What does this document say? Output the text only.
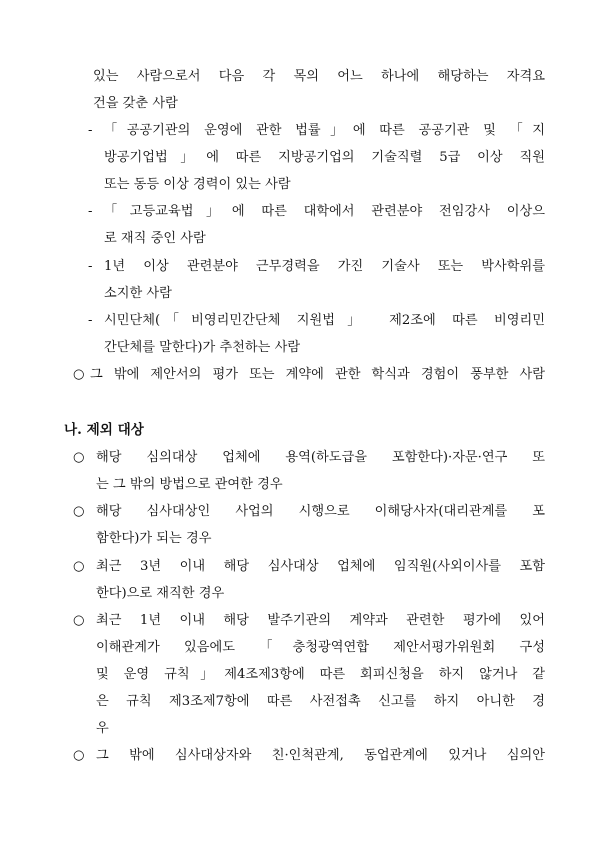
있는 사람으로서 다음 각 목의 어느 하나에 해당하는 자격요
건을 갖춘 사람
- 「공공기관의 운영에 관한 법률」에 따른 공공기관 및 「지
방공기업법」에 따른 지방공기업의 기술직렬 5급 이상 직원
또는 동등 이상 경력이 있는 사람
- 「고등교육법」에 따른 대학에서 관련분야 전임강사 이상으
로 재직 중인 사람
- 1년 이상 관련분야 근무경력을 가진 기술사 또는 박사학위를
소지한 사람
- 시민단체(「비영리민간단체 지원법」 제2조에 따른 비영리민
간단체를 말한다)가 추천하는 사람
○ 그 밖에 제안서의 평가 또는 계약에 관한 학식과 경험이 풍부한 사람
나. 제외 대상
○ 해당 심의대상 업체에 용역(하도급을 포함한다)·자문·연구 또
는 그 밖의 방법으로 관여한 경우
○ 해당 심사대상인 사업의 시행으로 이해당사자(대리관계를 포
함한다)가 되는 경우
○ 최근 3년 이내 해당 심사대상 업체에 임직원(사외이사를 포함
한다)으로 재직한 경우
○ 최근 1년 이내 해당 발주기관의 계약과 관련한 평가에 있어
이해관계가 있음에도 「충청광역연합 제안서평가위원회 구성
및 운영 규칙」제4조제3항에 따른 회피신청을 하지 않거나 같
은 규칙 제3조제7항에 따른 사전접촉 신고를 하지 아니한 경
우
○ 그 밖에 심사대상자와 친·인척관계, 동업관계에 있거나 심의안
